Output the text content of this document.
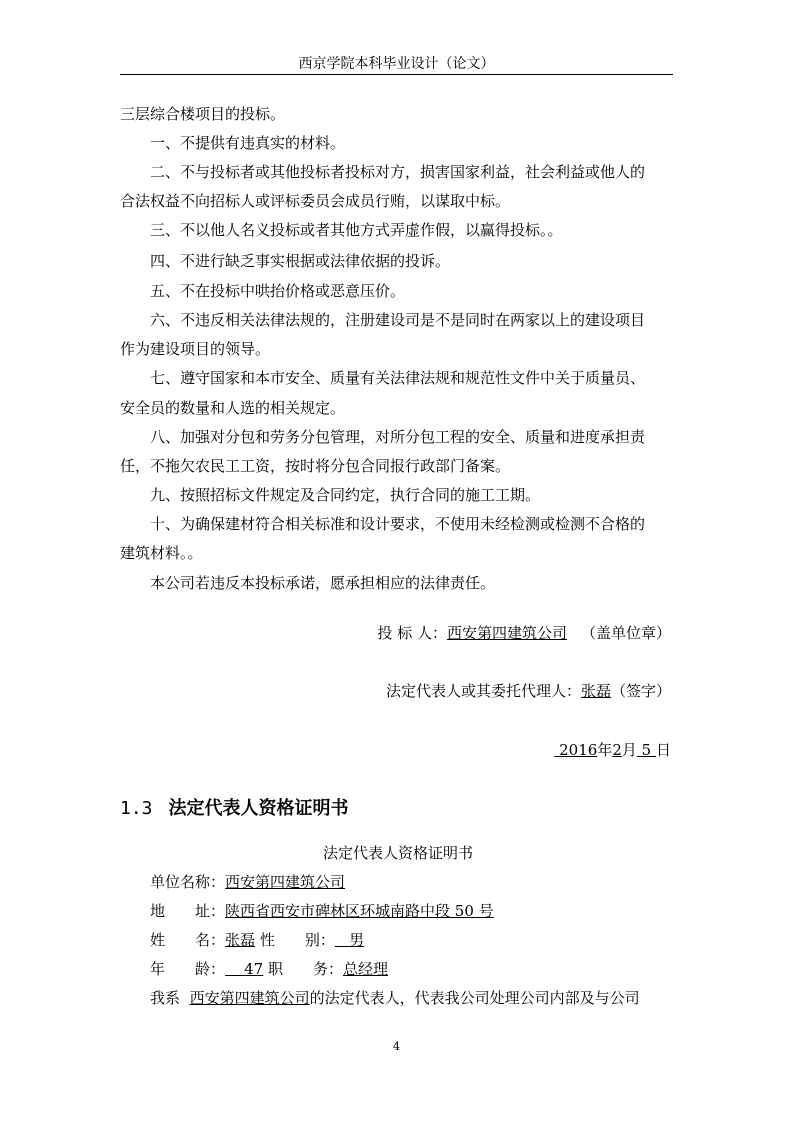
西京学院本科毕业设计（论文）
三层综合楼项目的投标。
一、不提供有违真实的材料。
二、不与投标者或其他投标者投标对方，损害国家利益，社会利益或他人的
合法权益不向招标人或评标委员会成员行贿，以谋取中标。
三、不以他人名义投标或者其他方式弄虚作假，以赢得投标。。
四、不进行缺乏事实根据或法律依据的投诉。
五、不在投标中哄抬价格或恶意压价。
六、不违反相关法律法规的，注册建设司是不是同时在两家以上的建设项目
作为建设项目的领导。
七、遵守国家和本市安全、质量有关法律法规和规范性文件中关于质量员、
安全员的数量和人选的相关规定。
八、加强对分包和劳务分包管理，对所分包工程的安全、质量和进度承担责
任，不拖欠农民工工资，按时将分包合同报行政部门备案。
九、按照招标文件规定及合同约定，执行合同的施工工期。
十、为确保建材符合相关标准和设计要求，不使用未经检测或检测不合格的
建筑材料。。
本公司若违反本投标承诺，愿承担相应的法律责任。
投 标 人：西安第四建筑公司 （盖单位章）
法定代表人或其委托代理人：张磊（签字）
2016年2月 5 日
1.3 法定代表人资格证明书
法定代表人资格证明书
单位名称：西安第四建筑公司
地　　址：陕西省西安市碑林区环城南路中段 50 号
姓　　名：张磊 性　　别： 男
年　　龄： 47 职　　务：总经理
我系 西安第四建筑公司的法定代表人，代表我公司处理公司内部及与公司
4
